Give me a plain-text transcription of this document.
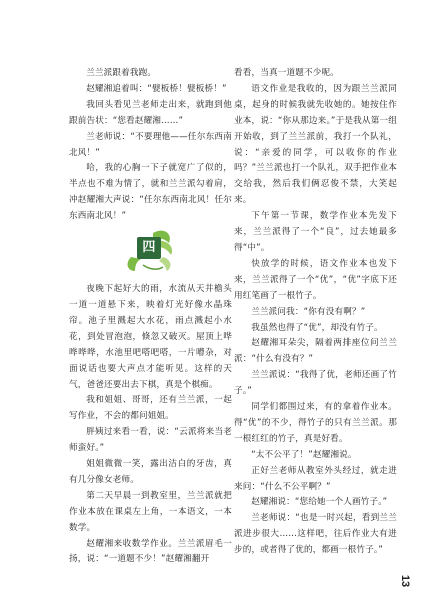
兰兰派跟着我跑。

赵耀湘追着叫：“甓板桥！甓板桥！”

我回头看见兰老师走出来，就跑到他跟前告状：“您看赵耀湘……”

兰老师说：“不要理他——任尔东西南北风！”

哈，我的心胸一下子就宽广了似的，半点也不难为情了，就和兰兰派勾着肩，冲赵耀湘大声说：“任尔东西南北风！任尔东西南北风！”

四

夜晚下起好大的雨，水流从天井檐头一道一道悬下来，映着灯光好像水晶珠帘。池子里溅起大水花，雨点溅起小水花，到处冒泡泡，倏忽又破灭。屋顶上哗哗哗哗，水池里吧嗒吧嗒，一片嘈杂，对面说话也要大声点才能听见。这样的天气，爸爸还要出去下棋，真是个棋痴。

我和姐姐、哥哥，还有兰兰派，一起写作业，不会的都问姐姐。

胖姨过来看一看，说：“云派将来当老师蛮好。”

姐姐微微一笑，露出洁白的牙齿，真有几分像女老师。

第二天早晨一到教室里，兰兰派就把作业本放在课桌左上角，一本语文，一本数学。

赵耀湘来收数学作业。兰兰派眉毛一扬，说：“一道题不少！”赵耀湘翻开

看看，当真一道题不少呢。

语文作业是我收的，因为跟兰兰派同桌，起身的时候我就先收她的。她按住作业本，说：“你从那边来。”于是我从第一组开始收，到了兰兰派前，我打一个队礼，说：“亲爱的同学，可以收你的作业吗？”兰兰派也打一个队礼，双手把作业本交给我，然后我们俩忍俊不禁，大笑起来。

下午第一节课，数学作业本先发下来，兰兰派得了一个“良”，过去她最多得“中”。

快放学的时候，语文作业本也发下来，兰兰派得了一个“优”，“优”字底下还用红笔画了一根竹子。

兰兰派问我：“你有没有啊？”

我虽然也得了“优”，却没有竹子。

赵耀湘耳朵尖，隔着两排座位问兰兰派：“什么有没有？”

兰兰派说：“我得了优，老师还画了竹子。”

同学们都围过来，有的拿着作业本。得“优”的不少，得竹子的只有兰兰派。那一根红红的竹子，真是好看。

“太不公平了！”赵耀湘说。

正好兰老师从教室外头经过，就走进来问：“什么不公平啊？”

赵耀湘说：“您给她一个人画竹子。”

兰老师说：“也是一时兴起，看到兰兰派进步很大……这样吧，往后作业大有进步的，或者得了优的，都画一根竹子。”

13
